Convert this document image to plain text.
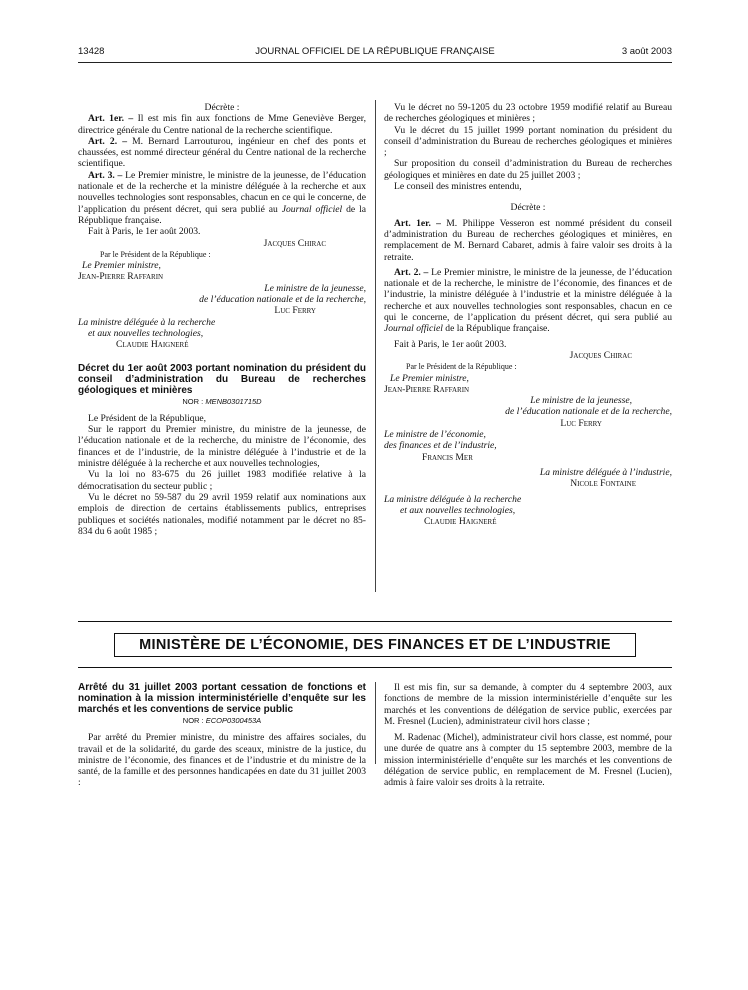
13428	JOURNAL OFFICIEL DE LA RÉPUBLIQUE FRANÇAISE	3 août 2003

Décrète :

Art. 1er. – Il est mis fin aux fonctions de Mme Geneviève Berger, directrice générale du Centre national de la recherche scientifique.

Art. 2. – M. Bernard Larrouturou, ingénieur en chef des ponts et chaussées, est nommé directeur général du Centre national de la recherche scientifique.

Art. 3. – Le Premier ministre, le ministre de la jeunesse, de l’éducation nationale et de la recherche et la ministre déléguée à la recherche et aux nouvelles technologies sont responsables, chacun en ce qui le concerne, de l’application du présent décret, qui sera publié au Journal officiel de la République française.

Fait à Paris, le 1er août 2003.

Jacques Chirac

Par le Président de la République :

Le Premier ministre,

Jean-Pierre Raffarin

Le ministre de la jeunesse,

de l’éducation nationale et de la recherche,

Luc Ferry

La ministre déléguée à la recherche

et aux nouvelles technologies,

Claudie Haigneré

Décret du 1er août 2003 portant nomination du président du conseil d’administration du Bureau de recherches géologiques et minières

NOR : MENB0301715D

Le Président de la République,

Sur le rapport du Premier ministre, du ministre de la jeunesse, de l’éducation nationale et de la recherche, du ministre de l’économie, des finances et de l’industrie, de la ministre déléguée à l’industrie et de la ministre déléguée à la recherche et aux nouvelles technologies,

Vu la loi no 83-675 du 26 juillet 1983 modifiée relative à la démocratisation du secteur public ;

Vu le décret no 59-587 du 29 avril 1959 relatif aux nominations aux emplois de direction de certains établissements publics, entreprises publiques et sociétés nationales, modifié notamment par le décret no 85-834 du 6 août 1985 ;

Vu le décret no 59-1205 du 23 octobre 1959 modifié relatif au Bureau de recherches géologiques et minières ;

Vu le décret du 15 juillet 1999 portant nomination du président du conseil d’administration du Bureau de recherches géologiques et minières ;

Sur proposition du conseil d’administration du Bureau de recherches géologiques et minières en date du 25 juillet 2003 ;

Le conseil des ministres entendu,

Décrète :

Art. 1er. – M. Philippe Vesseron est nommé président du conseil d’administration du Bureau de recherches géologiques et minières, en remplacement de M. Bernard Cabaret, admis à faire valoir ses droits à la retraite.

Art. 2. – Le Premier ministre, le ministre de la jeunesse, de l’éducation nationale et de la recherche, le ministre de l’économie, des finances et de l’industrie, la ministre déléguée à l’industrie et la ministre déléguée à la recherche et aux nouvelles technologies sont responsables, chacun en ce qui le concerne, de l’application du présent décret, qui sera publié au Journal officiel de la République française.

Fait à Paris, le 1er août 2003.

Jacques Chirac

Par le Président de la République :

Le Premier ministre,

Jean-Pierre Raffarin

Le ministre de la jeunesse,

de l’éducation nationale et de la recherche,

Luc Ferry

Le ministre de l’économie,

des finances et de l’industrie,

Francis Mer

La ministre déléguée à l’industrie,

Nicole Fontaine

La ministre déléguée à la recherche

et aux nouvelles technologies,

Claudie Haigneré

MINISTÈRE DE L’ÉCONOMIE, DES FINANCES ET DE L’INDUSTRIE

Arrêté du 31 juillet 2003 portant cessation de fonctions et nomination à la mission interministérielle d’enquête sur les marchés et les conventions de service public

NOR : ECOP0300453A

Par arrêté du Premier ministre, du ministre des affaires sociales, du travail et de la solidarité, du garde des sceaux, ministre de la justice, du ministre de l’économie, des finances et de l’industrie et du ministre de la santé, de la famille et des personnes handicapées en date du 31 juillet 2003 :

Il est mis fin, sur sa demande, à compter du 4 septembre 2003, aux fonctions de membre de la mission interministérielle d’enquête sur les marchés et les conventions de délégation de service public, exercées par M. Fresnel (Lucien), administrateur civil hors classe ;

M. Radenac (Michel), administrateur civil hors classe, est nommé, pour une durée de quatre ans à compter du 15 septembre 2003, membre de la mission interministérielle d’enquête sur les marchés et les conventions de délégation de service public, en remplacement de M. Fresnel (Lucien), admis à faire valoir ses droits à la retraite.
